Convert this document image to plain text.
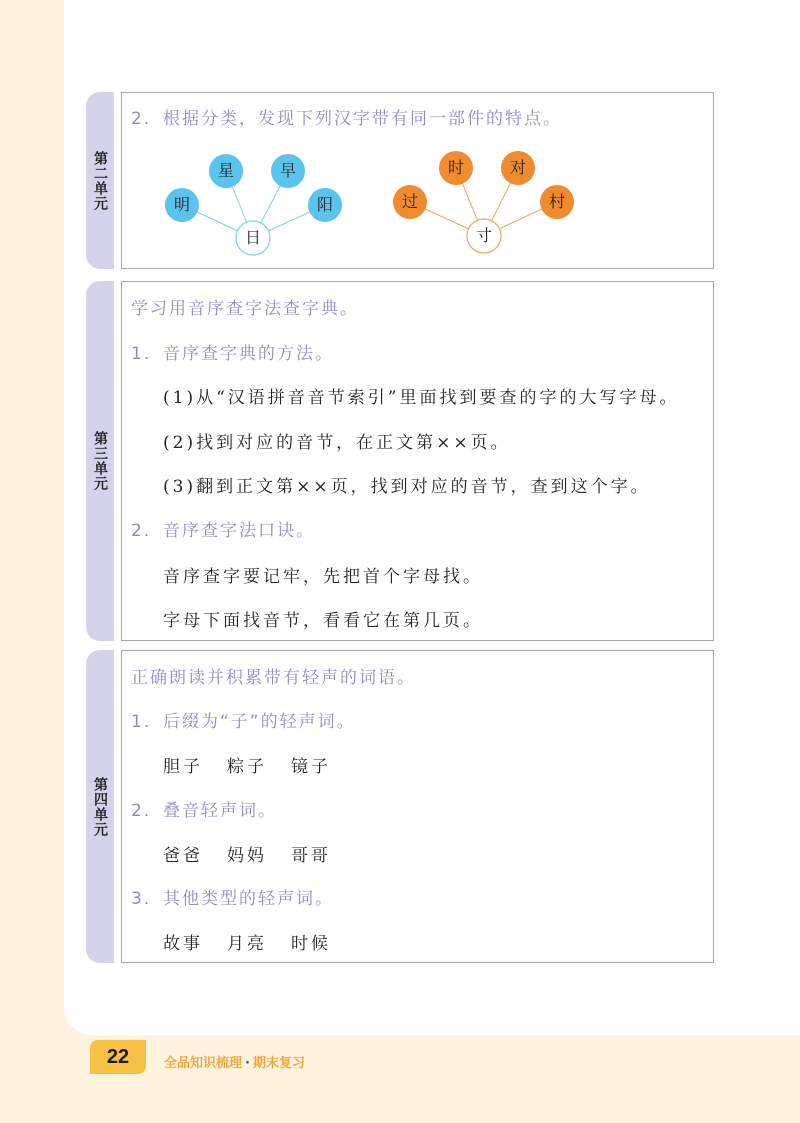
第二单元
2. 根据分类，发现下列汉字带有同一部件的特点。
明
星	早
阳
日
过
时	对
村
寸
第三单元
学习用音序查字法查字典。
1. 音序查字典的方法。
(1)从“汉语拼音音节索引”里面找到要查的字的大写字母。
(2)找到对应的音节，在正文第××页。
(3)翻到正文第××页，找到对应的音节，查到这个字。
2. 音序查字法口诀。
音序查字要记牢，先把首个字母找。
字母下面找音节，看看它在第几页。
第四单元
正确朗读并积累带有轻声的词语。
1. 后缀为“子”的轻声词。
胆子 粽子 镜子
2. 叠音轻声词。
爸爸 妈妈 哥哥
3. 其他类型的轻声词。
故事 月亮 时候
22	全品知识梳理 · 期末复习
